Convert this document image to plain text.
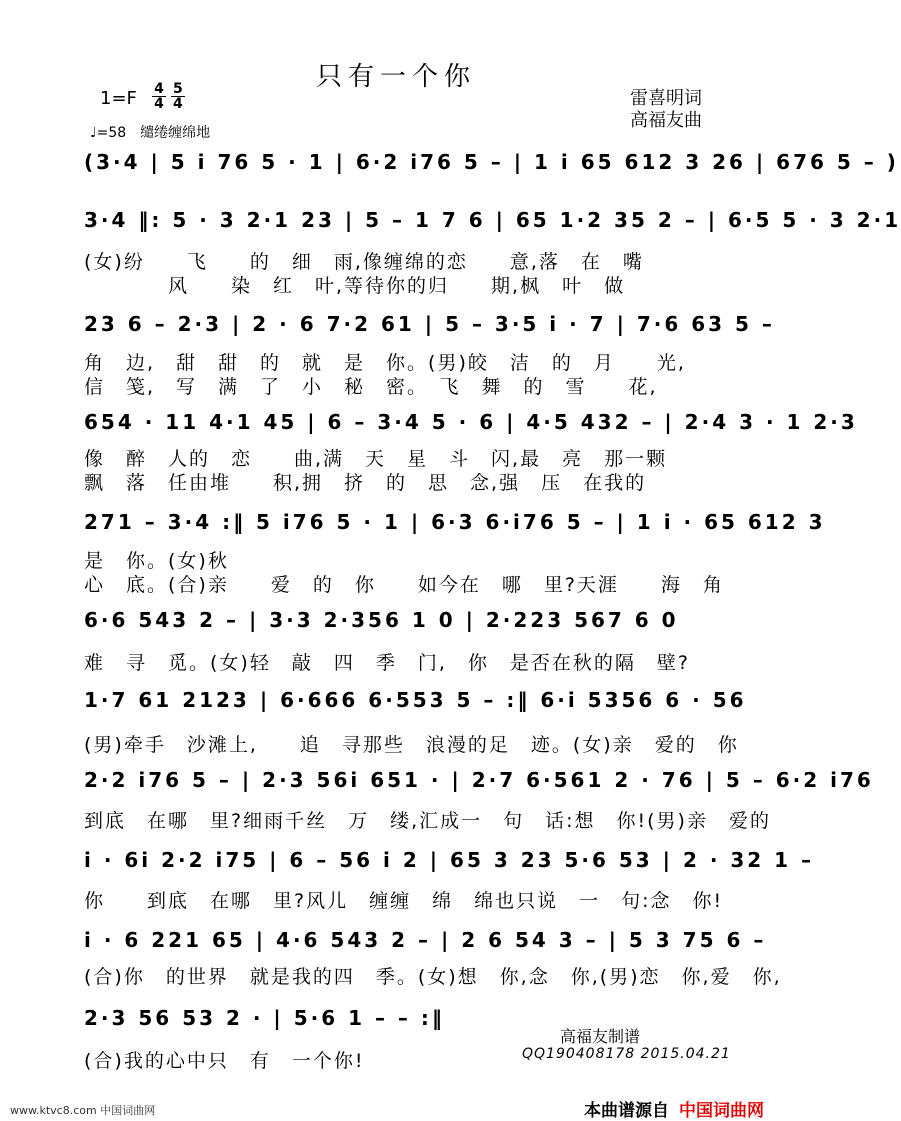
只有一个你
$1=F \frac{4}{4} \frac{5}{4}$	雷喜明词
高福友曲
♩=58　缱绻缠绵地
(3·4 | 5 i 76 5 · 1 | 6·2 i76 5 – | 1 i 65 612 3 26 | 676 5 – )
3·4 ‖: 5 · 3 2·1 23 | 5 – 1 7 6 | 65 1·2 35 2 – | 6·5 5 · 3 2·1
(女)纷　　飞　　的　细　雨,像缠绵的恋　　意,落　在　嘴
　　　　风　　染　红　叶,等待你的归　　期,枫　叶　做
23 6 – 2·3 | 2 · 6 7·2 61 | 5 – 3·5 i · 7 | 7·6 63 5 –
角　边,　甜　甜　的　就　是　你。(男)皎　洁　的　月　　光,
信　笺,　写　满　了　小　秘　密。　飞　舞　的　雪　　花,
654 · 11 4·1 45 | 6 – 3·4 5 · 6 | 4·5 432 – | 2·4 3 · 1 2·3
像　醉　人的　恋　　曲,满　天　星　斗　闪,最　亮　那一颗
飘　落　任由堆　　积,拥　挤　的　思　念,强　压　在我的
271 – 3·4 :‖ 5 i76 5 · 1 | 6·3 6·i76 5 – | 1 i · 65 612 3
是　你。(女)秋
心　底。(合)亲　　爱　的　你　　如今在　哪　里?天涯　　海　角
6·6 543 2 – | 3·3 2·356 1 0 | 2·223 567 6 0
难　寻　觅。(女)轻　敲　四　季　门,　你　是否在秋的隔　壁?
1·7 61 2123 | 6·666 6·553 5 – :‖ 6·i 5356 6 · 56
(男)牵手　沙滩上,　　追　寻那些　浪漫的足　迹。(女)亲　爱的　你
2·2 i76 5 – | 2·3 56i 651 · | 2·7 6·561 2 · 76 | 5 – 6·2 i76
到底　在哪　里?细雨千丝　万　缕,汇成一　句　话:想　你!(男)亲　爱的
i · 6i 2·2 i75 | 6 – 56 i 2 | 65 3 23 5·6 53 | 2 · 32 1 –
你　　到底　在哪　里?风儿　缠缠　绵　绵也只说　一　句:念　你!
i · 6 221 65 | 4·6 543 2 – | 2 6 54 3 – | 5 3 75 6 –
(合)你　的世界　就是我的四　季。(女)想　你,念　你,(男)恋　你,爱　你,
2·3 56 53 2 · | 5·6 1 – – :‖
(合)我的心中只　有　一个你!
高福友制谱
QQ190408178 2015.04.21
www.ktvc8.com 中国词曲网	本曲谱源自 中国词曲网
